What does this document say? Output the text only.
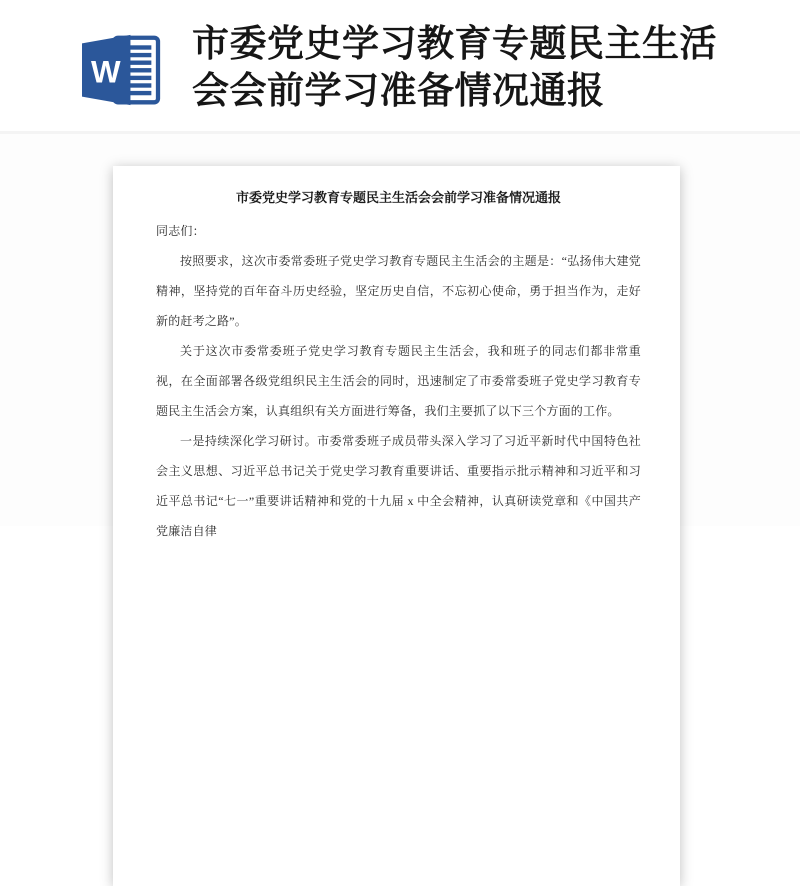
W
市委党史学习教育专题民主生活
会会前学习准备情况通报
市委党史学习教育专题民主生活会会前学习准备情况通报

同志们：

按照要求，这次市委常委班子党史学习教育专题民主生活会的主题是：“弘扬伟大建党精神，坚持党的百年奋斗历史经验，坚定历史自信，不忘初心使命，勇于担当作为，走好新的赶考之路”。

关于这次市委常委班子党史学习教育专题民主生活会，我和班子的同志们都非常重视，在全面部署各级党组织民主生活会的同时，迅速制定了市委常委班子党史学习教育专题民主生活会方案，认真组织有关方面进行筹备，我们主要抓了以下三个方面的工作。

一是持续深化学习研讨。市委常委班子成员带头深入学习了习近平新时代中国特色社会主义思想、习近平总书记关于党史学习教育重要讲话、重要指示批示精神和习近平和习近平总书记“七一”重要讲话精神和党的十九届 x 中全会精神，认真研读党章和《中国共产党廉洁自律
